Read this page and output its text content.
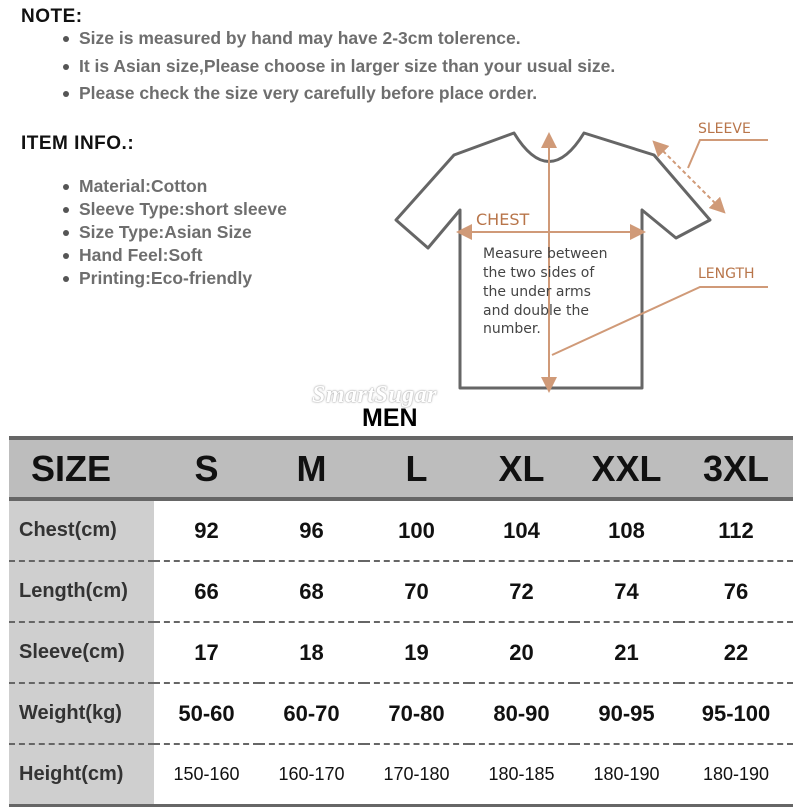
NOTE:
Size is measured by hand may have 2-3cm tolerence.
It is Asian size,Please choose in larger size than your usual size.
Please check the size very carefully before place order.
ITEM INFO.:
Material:Cotton
Sleeve Type:short sleeve
Size Type:Asian Size
Hand Feel:Soft
Printing:Eco-friendly
SLEEVE
CHEST
LENGTH
Measure between
the two sides of
the under arms
and double the
number.
SmartSugar
MEN
SIZE	S	M	L	XL	XXL	3XL
Chest(cm)	92	96	100	104	108	112
Length(cm)	66	68	70	72	74	76
Sleeve(cm)	17	18	19	20	21	22
Weight(kg)	50-60	60-70	70-80	80-90	90-95	95-100
Height(cm)	150-160	160-170	170-180	180-185	180-190	180-190
